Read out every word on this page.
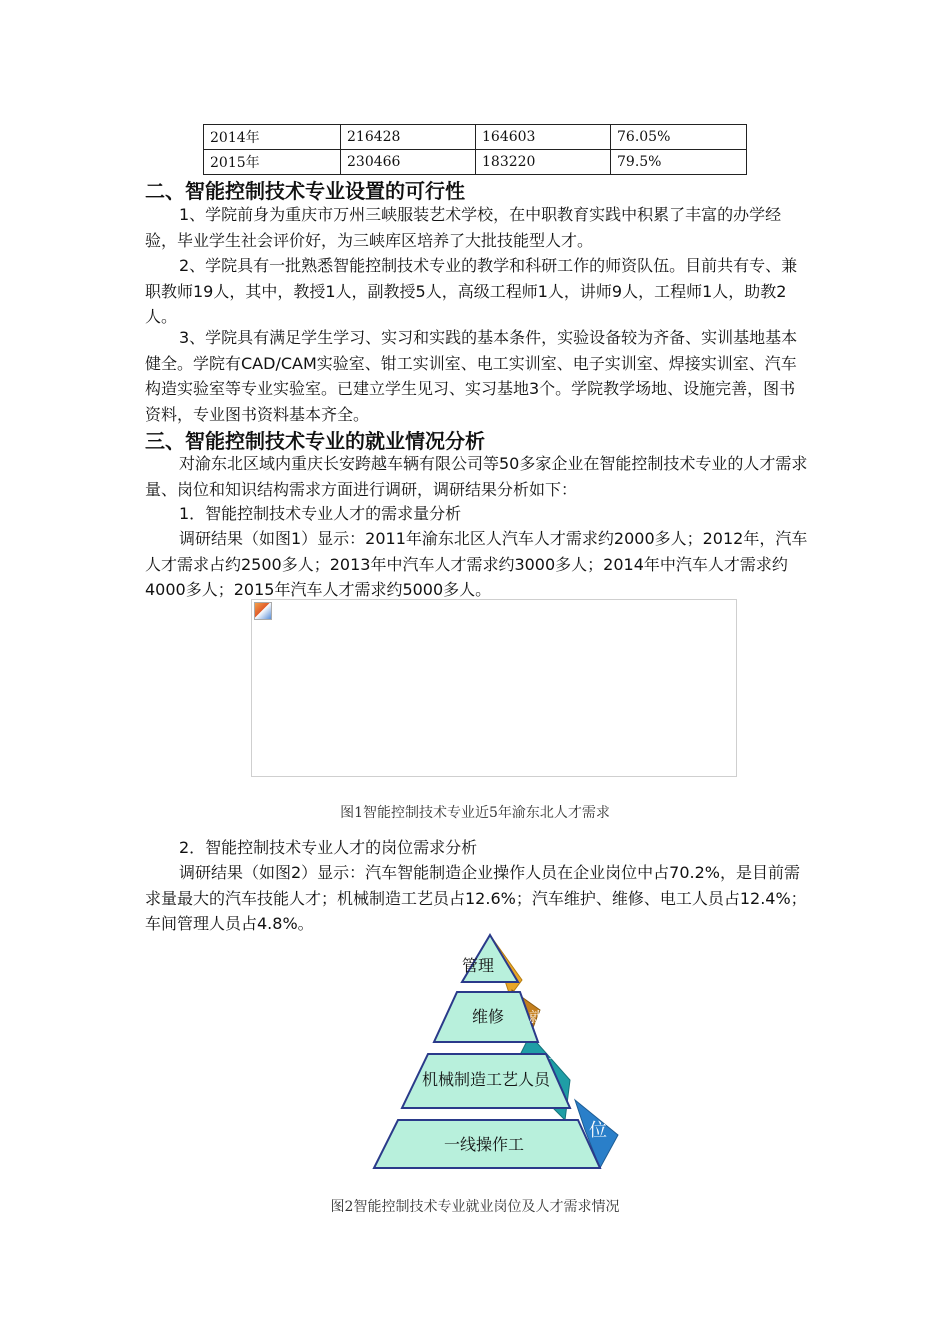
2014年	216428	164603	76.05%
2015年	230466	183220	79.5%
二、智能控制技术专业设置的可行性
1、学院前身为重庆市万州三峡服装艺术学校，在中职教育实践中积累了丰富的办学经验，毕业学生社会评价好，为三峡库区培养了大批技能型人才。
2、学院具有一批熟悉智能控制技术专业的教学和科研工作的师资队伍。目前共有专、兼职教师19人，其中，教授1人，副教授5人，高级工程师1人，讲师9人，工程师1人，助教2人。
3、学院具有满足学生学习、实习和实践的基本条件，实验设备较为齐备、实训基地基本健全。学院有CAD/CAM实验室、钳工实训室、电工实训室、电子实训室、焊接实训室、汽车构造实验室等专业实验室。已建立学生见习、实习基地3个。学院教学场地、设施完善，图书资料，专业图书资料基本齐全。
三、智能控制技术专业的就业情况分析
对渝东北区域内重庆长安跨越车辆有限公司等50多家企业在智能控制技术专业的人才需求量、岗位和知识结构需求方面进行调研，调研结果分析如下：
1．智能控制技术专业人才的需求量分析
调研结果（如图1）显示：2011年渝东北区人汽车人才需求约2000多人；2012年，汽车人才需求占约2500多人；2013年中汽车人才需求约3000多人；2014年中汽车人才需求约4000多人；2015年汽车人才需求约5000多人。
图1智能控制技术专业近5年渝东北人才需求
2．智能控制技术专业人才的岗位需求分析
调研结果（如图2）显示：汽车智能制造企业操作人员在企业岗位中占70.2%，是目前需求量最大的汽车技能人才；机械制造工艺员占12.6%；汽车维护、维修、电工人员占12.4%；车间管理人员占4.8%。
管理
维修
机械制造工艺人员
一线操作工
就
业
岗
位
图2智能控制技术专业就业岗位及人才需求情况
